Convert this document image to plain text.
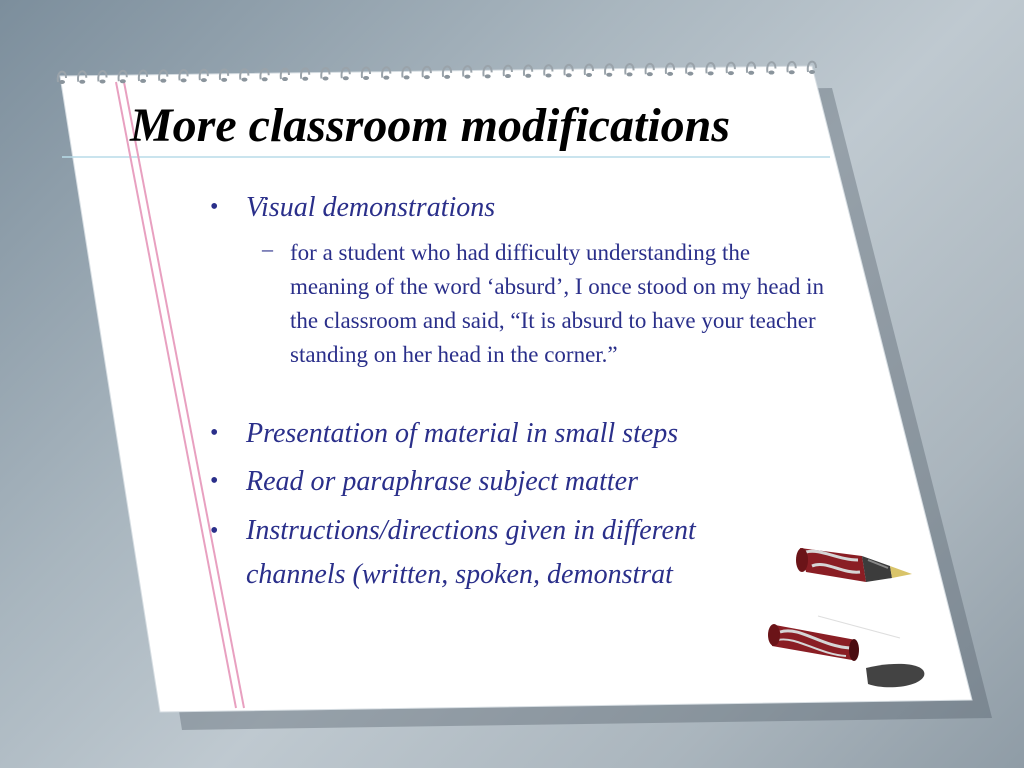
More classroom modifications
• Visual demonstrations
– for a student who had difficulty understanding the meaning of the word ‘absurd’, I once stood on my head in the classroom and said, “It is absurd to have your teacher standing on her head in the corner.”
• Presentation of material in small steps
• Read or paraphrase subject matter
• Instructions/directions given in different
channels (written, spoken, demonstrat
